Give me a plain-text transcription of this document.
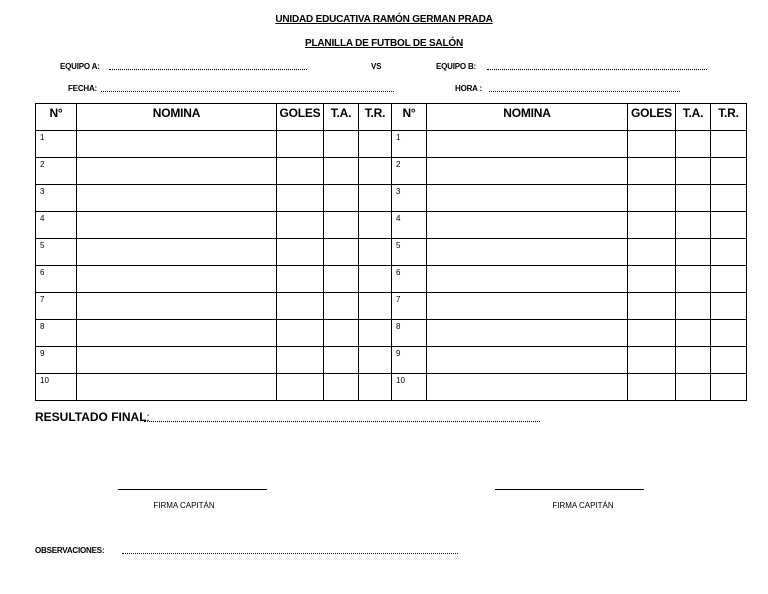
UNIDAD EDUCATIVA RAMÓN GERMAN PRADA
PLANILLA DE FUTBOL DE SALÓN
EQUIPO A:	VS	EQUIPO B:
FECHA:	HORA :
N°	NOMINA	GOLES	T.A.	T.R.	N°	NOMINA	GOLES	T.A.	T.R.
1					1				
2					2				
3					3				
4					4				
5					5				
6					6				
7					7				
8					8				
9					9				
10					10				
RESULTADO FINAL:
FIRMA CAPITÁN	FIRMA CAPITÁN
OBSERVACIONES:
